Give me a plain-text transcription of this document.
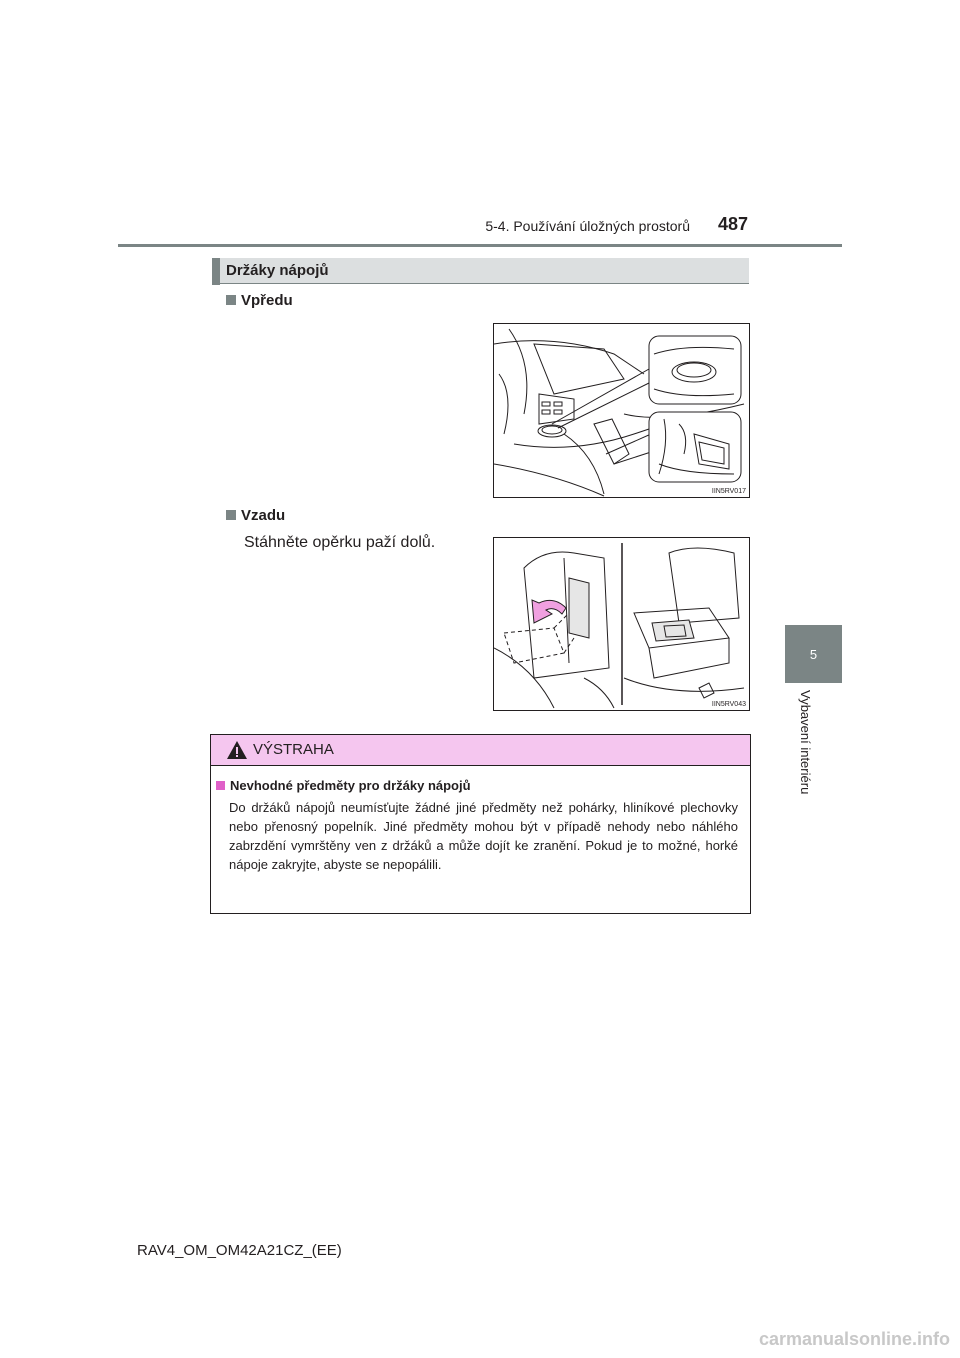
5-4. Používání úložných prostorů 487
5
Vybavení interiéru
Držáky nápojů
Vpředu
IIN5RV017
Vzadu
Stáhněte opěrku paží dolů.
IIN5RV043
VÝSTRAHA
Nevhodné předměty pro držáky nápojů
Do držáků nápojů neumísťujte žádné jiné předměty než pohárky, hliníkové plechovky nebo přenosný popelník. Jiné předměty mohou být v případě nehody nebo náhlého zabrzdění vymrštěny ven z držáků a může dojít ke zranění. Pokud je to možné, horké nápoje zakryjte, abyste se nepopálili.
RAV4_OM_OM42A21CZ_(EE)
carmanualsonline.info
